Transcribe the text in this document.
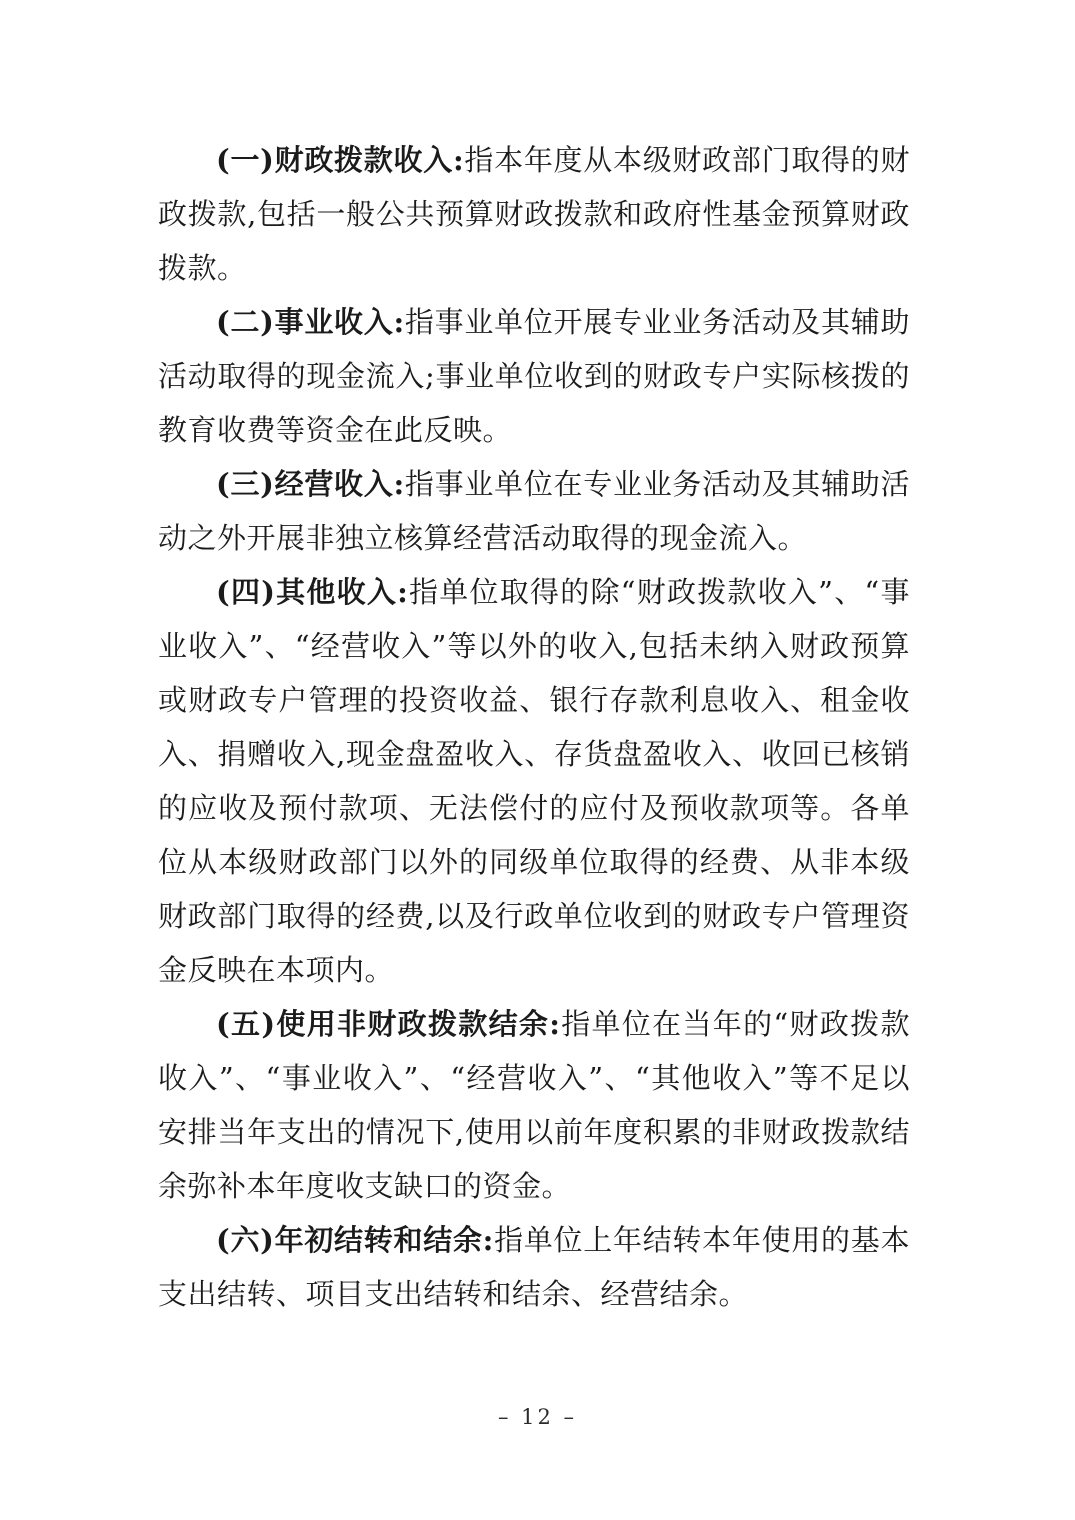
(一)财政拨款收入:指本年度从本级财政部门取得的财政拨款,包括一般公共预算财政拨款和政府性基金预算财政拨款。

(二)事业收入:指事业单位开展专业业务活动及其辅助活动取得的现金流入;事业单位收到的财政专户实际核拨的教育收费等资金在此反映。

(三)经营收入:指事业单位在专业业务活动及其辅助活动之外开展非独立核算经营活动取得的现金流入。

(四)其他收入:指单位取得的除“财政拨款收入”、“事业收入”、“经营收入”等以外的收入,包括未纳入财政预算或财政专户管理的投资收益、银行存款利息收入、租金收入、捐赠收入,现金盘盈收入、存货盘盈收入、收回已核销的应收及预付款项、无法偿付的应付及预收款项等。各单位从本级财政部门以外的同级单位取得的经费、从非本级财政部门取得的经费,以及行政单位收到的财政专户管理资金反映在本项内。

(五)使用非财政拨款结余:指单位在当年的“财政拨款收入”、“事业收入”、“经营收入”、“其他收入”等不足以安排当年支出的情况下,使用以前年度积累的非财政拨款结余弥补本年度收支缺口的资金。

(六)年初结转和结余:指单位上年结转本年使用的基本支出结转、项目支出结转和结余、经营结余。

– 12 –
